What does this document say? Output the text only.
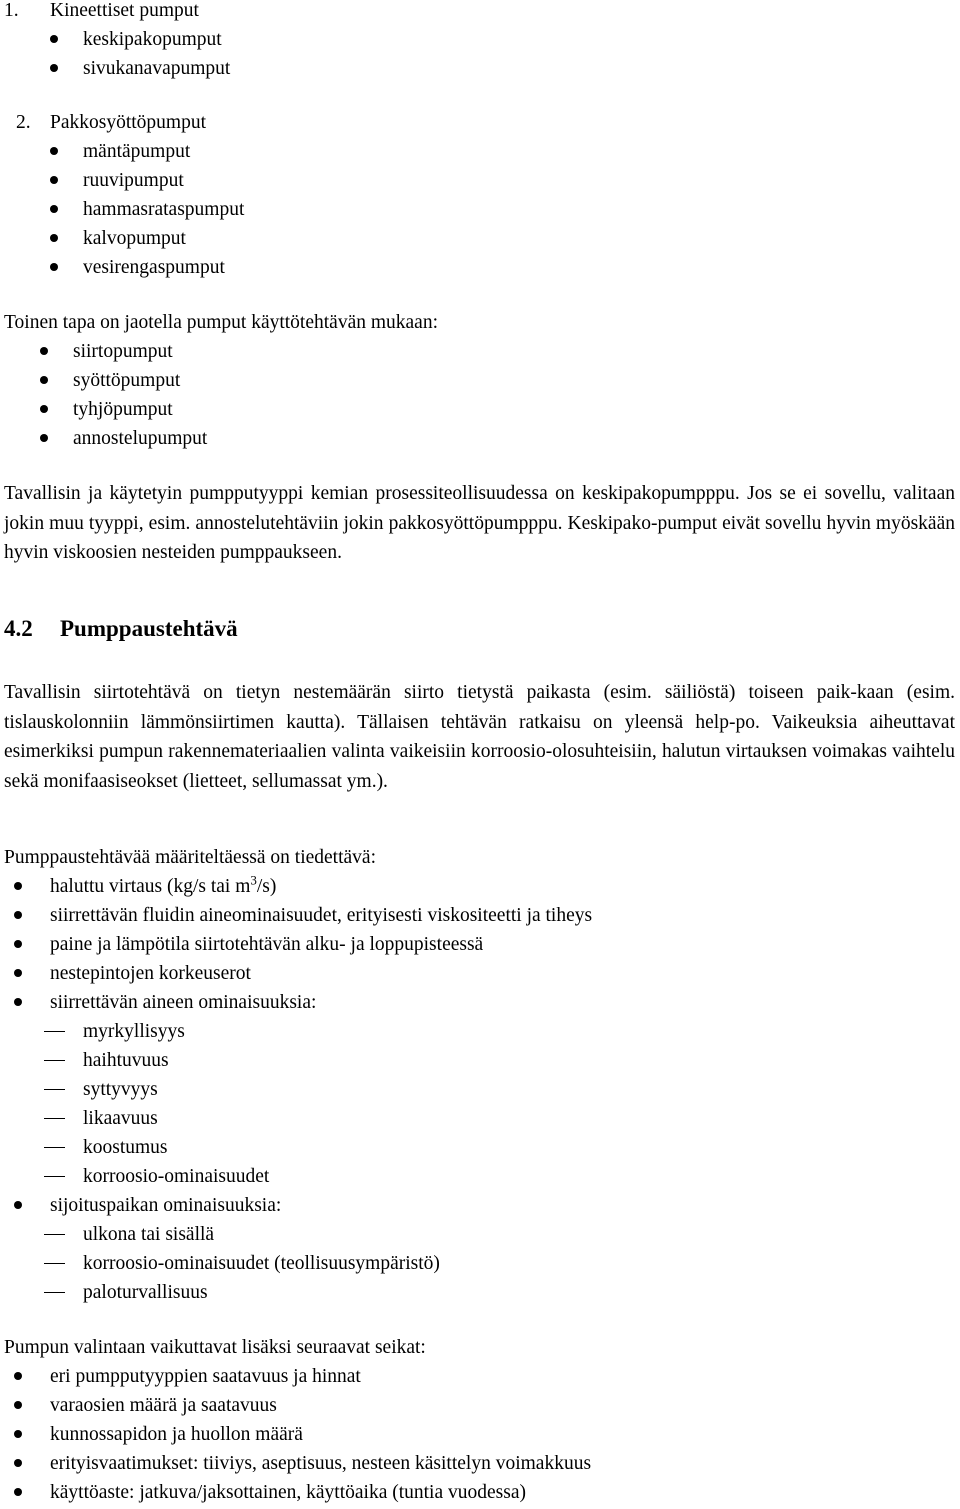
1. Kineettiset pumput
keskipakopumput
sivukanavapumput
2. Pakkosyöttöpumput
mäntäpumput
ruuvipumput
hammasrataspumput
kalvopumput
vesirengaspumput
Toinen tapa on jaotella pumput käyttötehtävän mukaan:
siirtopumput
syöttöpumput
tyhjöpumput
annostelupumput
Tavallisin ja käytetyin pumpputyyppi kemian prosessiteollisuudessa on keskipakopumpppu. Jos se ei sovellu, valitaan jokin muu tyyppi, esim. annostelutehtäviin jokin pakkosyöttöpumpppu. Keskipako-pumput eivät sovellu hyvin myöskään hyvin viskoosien nesteiden pumppaukseen.
4.2 Pumppaustehtävä
Tavallisin siirtotehtävä on tietyn nestemäärän siirto tietystä paikasta (esim. säiliöstä) toiseen paik-kaan (esim. tislauskolonniin lämmönsiirtimen kautta). Tällaisen tehtävän ratkaisu on yleensä help-po. Vaikeuksia aiheuttavat esimerkiksi pumpun rakennemateriaalien valinta vaikeisiin korroosio-olosuhteisiin, halutun virtauksen voimakas vaihtelu sekä monifaasiseokset (lietteet, sellumassat ym.).
Pumppaustehtävää määriteltäessä on tiedettävä:
haluttu virtaus (kg/s tai $m^3/s$)
siirrettävän fluidin aineominaisuudet, erityisesti viskositeetti ja tiheys
paine ja lämpötila siirtotehtävän alku- ja loppupisteessä
nestepintojen korkeuserot
siirrettävän aineen ominaisuuksia:
myrkyllisyys
haihtuvuus
syttyvyys
likaavuus
koostumus
korroosio-ominaisuudet
sijoituspaikan ominaisuuksia:
ulkona tai sisällä
korroosio-ominaisuudet (teollisuusympäristö)
paloturvallisuus
Pumpun valintaan vaikuttavat lisäksi seuraavat seikat:
eri pumpputyyppien saatavuus ja hinnat
varaosien määrä ja saatavuus
kunnossapidon ja huollon määrä
erityisvaatimukset: tiiviys, aseptisuus, nesteen käsittelyn voimakkuus
käyttöaste: jatkuva/jaksottainen, käyttöaika (tuntia vuodessa)
